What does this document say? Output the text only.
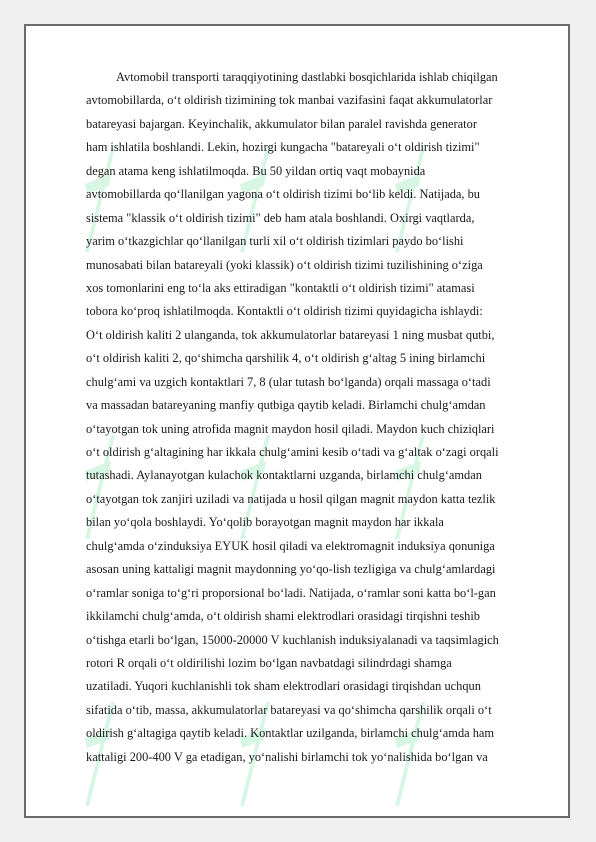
Avtomobil transporti taraqqiyotining dastlabki bosqichlarida ishlab chiqilgan
avtomobillarda, o‘t oldirish tizimining tok manbai vazifasini faqat akkumulatorlar
batareyasi bajargan. Keyinchalik, akkumulator bilan paralel ravishda generator
ham ishlatila boshlandi. Lekin, hozirgi kungacha "batareyali o‘t oldirish tizimi"
degan atama keng ishlatilmoqda. Bu 50 yildan ortiq vaqt mobaynida
avtomobillarda qo‘llanilgan yagona o‘t oldirish tizimi bo‘lib keldi. Natijada, bu
sistema "klassik o‘t oldirish tizimi" deb ham atala boshlandi. Oxirgi vaqtlarda,
yarim o‘tkazgichlar qo‘llanilgan turli xil o‘t oldirish tizimlari paydo bo‘lishi
munosabati bilan batareyali (yoki klassik) o‘t oldirish tizimi tuzilishining o‘ziga
xos tomonlarini eng to‘la aks ettiradigan "kontaktli o‘t oldirish tizimi" atamasi
tobora ko‘proq ishlatilmoqda. Kontaktli o‘t oldirish tizimi quyidagicha ishlaydi:
O‘t oldirish kaliti 2 ulanganda, tok akkumulatorlar batareyasi 1 ning musbat qutbi,
o‘t oldirish kaliti 2, qo‘shimcha qarshilik 4, o‘t oldirish g‘altag 5 ining birlamchi
chulg‘ami va uzgich kontaktlari 7, 8 (ular tutash bo‘lganda) orqali massaga o‘tadi
va massadan batareyaning manfiy qutbiga qaytib keladi. Birlamchi chulg‘amdan
o‘tayotgan tok uning atrofida magnit maydon hosil qiladi. Maydon kuch chiziqlari
o‘t oldirish g‘altagining har ikkala chulg‘amini kesib o‘tadi va g‘altak o‘zagi orqali
tutashadi. Aylanayotgan kulachok kontaktlarni uzganda, birlamchi chulg‘amdan
o‘tayotgan tok zanjiri uziladi va natijada u hosil qilgan magnit maydon katta tezlik
bilan yo‘qola boshlaydi. Yo‘qolib borayotgan magnit maydon har ikkala
chulg‘amda o‘zinduksiya EYUK hosil qiladi va elektromagnit induksiya qonuniga
asosan uning kattaligi magnit maydonning yo‘qo-lish tezligiga va chulg‘amlardagi
o‘ramlar soniga to‘g‘ri proporsional bo‘ladi. Natijada, o‘ramlar soni katta bo‘l-gan
ikkilamchi chulg‘amda, o‘t oldirish shami elektrodlari orasidagi tirqishni teshib
o‘tishga etarli bo‘lgan, 15000-20000 V kuchlanish induksiyalanadi va taqsimlagich
rotori R orqali o‘t oldirilishi lozim bo‘lgan navbatdagi silindrdagi shamga
uzatiladi. Yuqori kuchlanishli tok sham elektrodlari orasidagi tirqishdan uchqun
sifatida o‘tib, massa, akkumulatorlar batareyasi va qo‘shimcha qarshilik orqali o‘t
oldirish g‘altagiga qaytib keladi. Kontaktlar uzilganda, birlamchi chulg‘amda ham
kattaligi 200-400 V ga etadigan, yo‘nalishi birlamchi tok yo‘nalishida bo‘lgan va
